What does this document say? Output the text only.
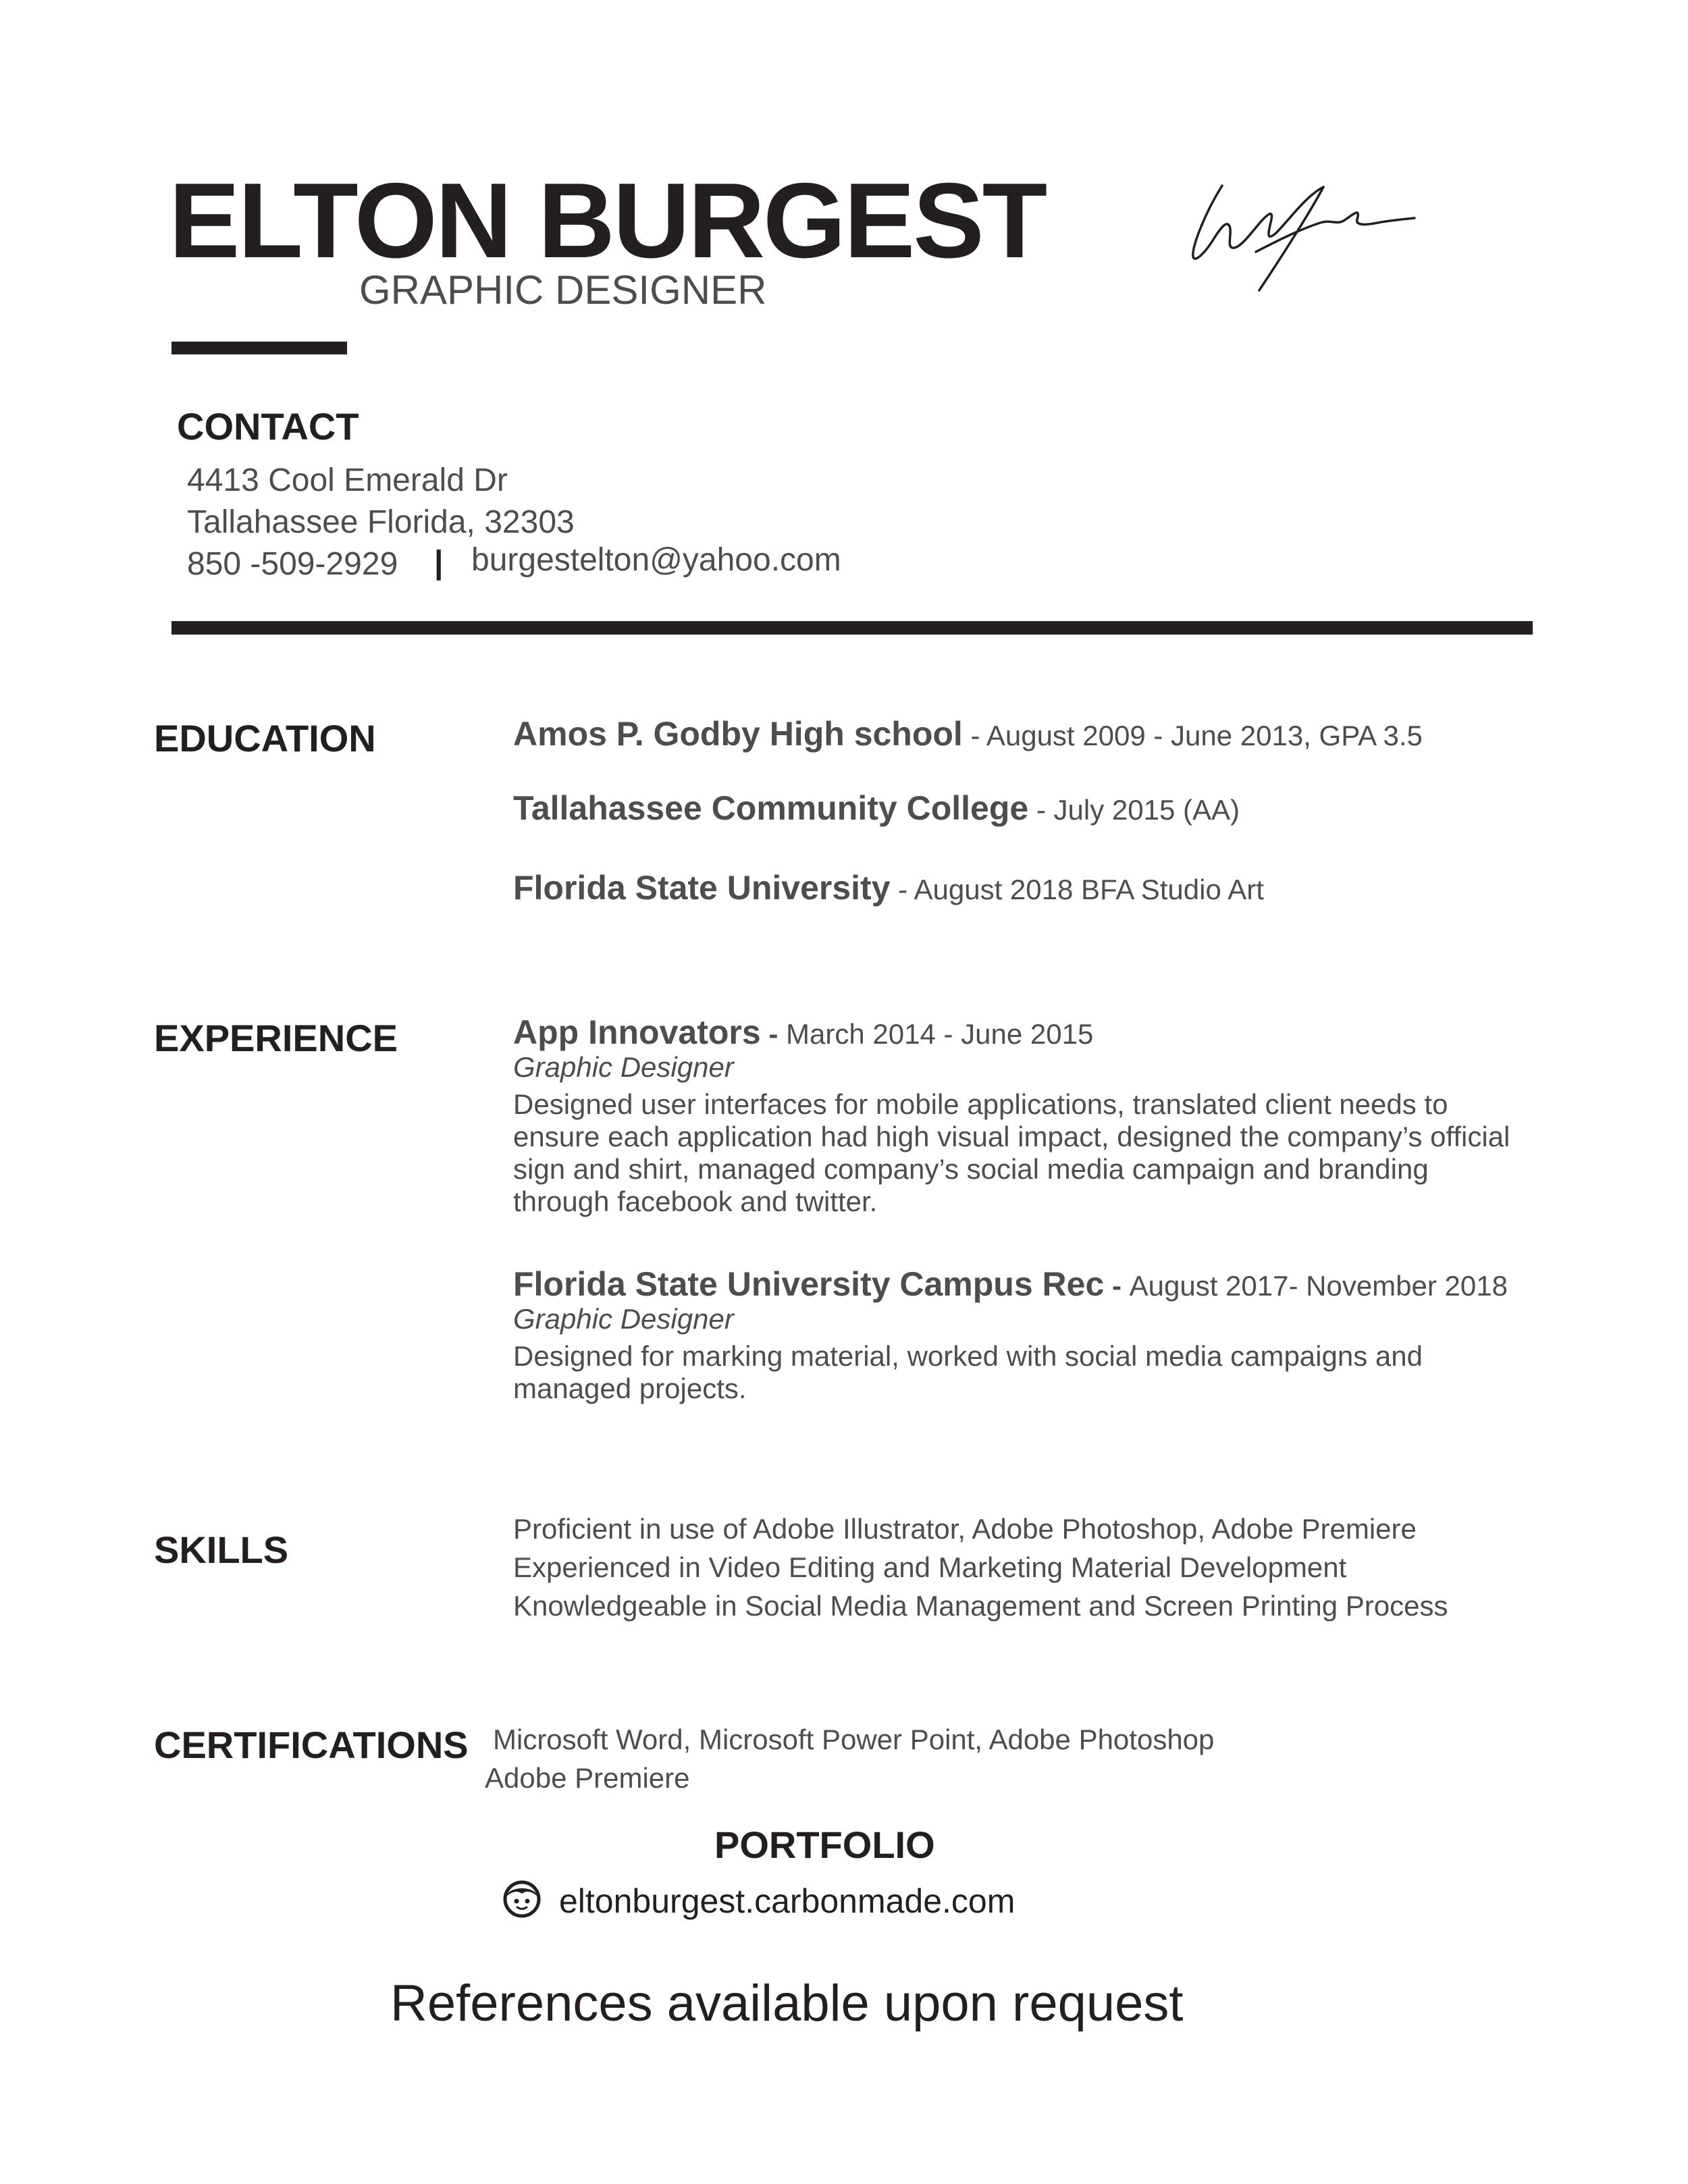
ELTON BURGEST
GRAPHIC DESIGNER
CONTACT
4413 Cool Emerald Dr
Tallahassee Florida, 32303
850 -509-2929 | burgestelton@yahoo.com
EDUCATION	Amos P. Godby High school - August 2009 - June 2013, GPA 3.5
Tallahassee Community College - July 2015 (AA)
Florida State University - August 2018 BFA Studio Art
EXPERIENCE	App Innovators - March 2014 - June 2015
Graphic Designer
Designed user interfaces for mobile applications, translated client needs to ensure each application had high visual impact, designed the company’s official sign and shirt, managed company’s social media campaign and branding through facebook and twitter.
Florida State University Campus Rec - August 2017- November 2018
Graphic Designer
Designed for marking material, worked with social media campaigns and managed projects.
SKILLS	Proficient in use of Adobe Illustrator, Adobe Photoshop, Adobe Premiere
Experienced in Video Editing and Marketing Material Development
Knowledgeable in Social Media Management and Screen Printing Process
CERTIFICATIONS Microsoft Word, Microsoft Power Point, Adobe Photoshop
Adobe Premiere
PORTFOLIO
eltonburgest.carbonmade.com
References available upon request
